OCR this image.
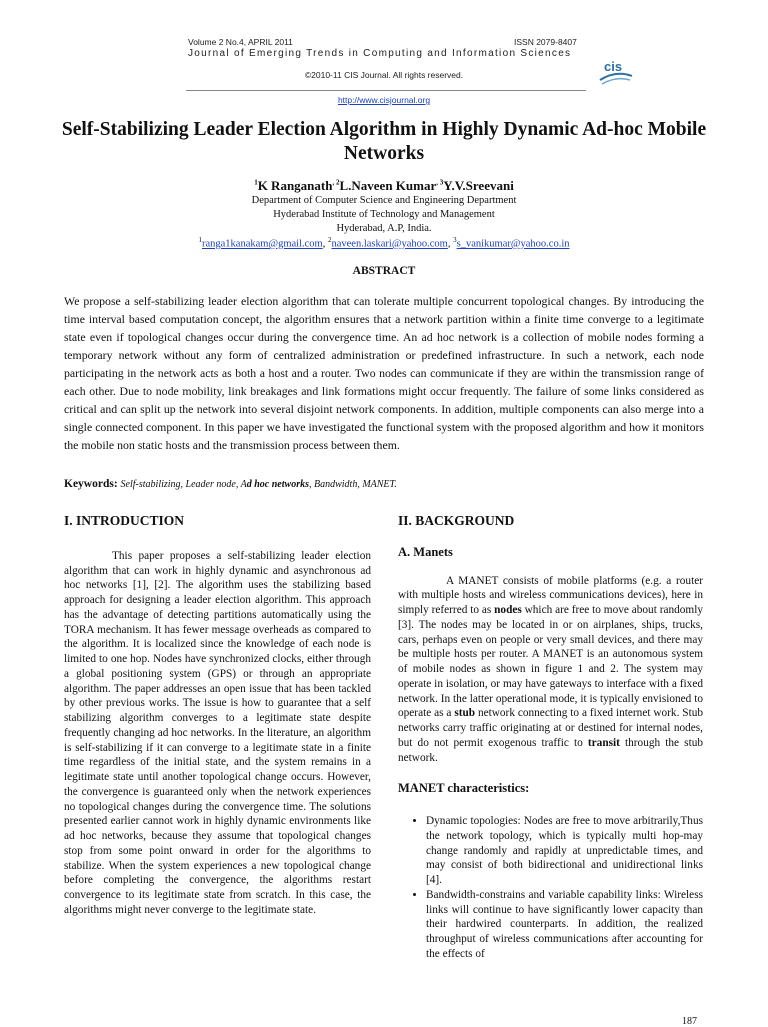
Volume 2 No.4, APRIL 2011	ISSN 2079-8407
Journal of Emerging Trends in Computing and Information Sciences
©2010-11 CIS Journal. All rights reserved.
cis
http://www.cisjournal.org
Self-Stabilizing Leader Election Algorithm in Highly Dynamic Ad-hoc Mobile Networks
$^1$K Ranganath$^{, 2}$L.Naveen Kumar$^{, 3}$Y.V.Sreevani
Department of Computer Science and Engineering Department
Hyderabad Institute of Technology and Management
Hyderabad, A.P, India.
$^1$ranga1kanakam@gmail.com, $^2$naveen.laskari@yahoo.com, $^3$s_vanikumar@yahoo.co.in
ABSTRACT

We propose a self-stabilizing leader election algorithm that can tolerate multiple concurrent topological changes. By introducing the time interval based computation concept, the algorithm ensures that a network partition within a finite time converge to a legitimate state even if topological changes occur during the convergence time. An ad hoc network is a collection of mobile nodes forming a temporary network without any form of centralized administration or predefined infrastructure. In such a network, each node participating in the network acts as both a host and a router. Two nodes can communicate if they are within the transmission range of each other. Due to node mobility, link breakages and link formations might occur frequently. The failure of some links considered as critical and can split up the network into several disjoint network components. In addition, multiple components can also merge into a single connected component. In this paper we have investigated the functional system with the proposed algorithm and how it monitors the mobile non static hosts and the transmission process between them.

Keywords: Self-stabilizing, Leader node, Ad hoc networks, Bandwidth, MANET.
I. INTRODUCTION

This paper proposes a self-stabilizing leader election algorithm that can work in highly dynamic and asynchronous ad hoc networks [1], [2]. The algorithm uses the stabilizing based approach for designing a leader election algorithm. This approach has the advantage of detecting partitions automatically using the TORA mechanism. It has fewer message overheads as compared to the algorithm. It is localized since the knowledge of each node is limited to one hop. Nodes have synchronized clocks, either through a global positioning system (GPS) or through an appropriate algorithm. The paper addresses an open issue that has been tackled by other previous works. The issue is how to guarantee that a self stabilizing algorithm converges to a legitimate state despite frequently changing ad hoc networks. In the literature, an algorithm is self-stabilizing if it can converge to a legitimate state in a finite time regardless of the initial state, and the system remains in a legitimate state until another topological change occurs. However, the convergence is guaranteed only when the network experiences no topological changes during the convergence time. The solutions presented earlier cannot work in highly dynamic environments like ad hoc networks, because they assume that topological changes stop from some point onward in order for the algorithms to stabilize. When the system experiences a new topological change before completing the convergence, the algorithms restart convergence to its legitimate state from scratch. In this case, the algorithms might never converge to the legitimate state.

II. BACKGROUND
A. Manets

A MANET consists of mobile platforms (e.g. a router with multiple hosts and wireless communications devices), here in simply referred to as nodes which are free to move about randomly [3]. The nodes may be located in or on airplanes, ships, trucks, cars, perhaps even on people or very small devices, and there may be multiple hosts per router. A MANET is an autonomous system of mobile nodes as shown in figure 1 and 2. The system may operate in isolation, or may have gateways to interface with a fixed network. In the latter operational mode, it is typically envisioned to operate as a stub network connecting to a fixed internet work. Stub networks carry traffic originating at or destined for internal nodes, but do not permit exogenous traffic to transit through the stub network.

MANET characteristics:
• Dynamic topologies: Nodes are free to move arbitrarily,Thus the network topology, which is typically multi hop-may change randomly and rapidly at unpredictable times, and may consist of both bidirectional and unidirectional links [4].
• Bandwidth-constrains and variable capability links: Wireless links will continue to have significantly lower capacity than their hardwired counterparts. In addition, the realized throughput of wireless communications after accounting for the effects of
187
